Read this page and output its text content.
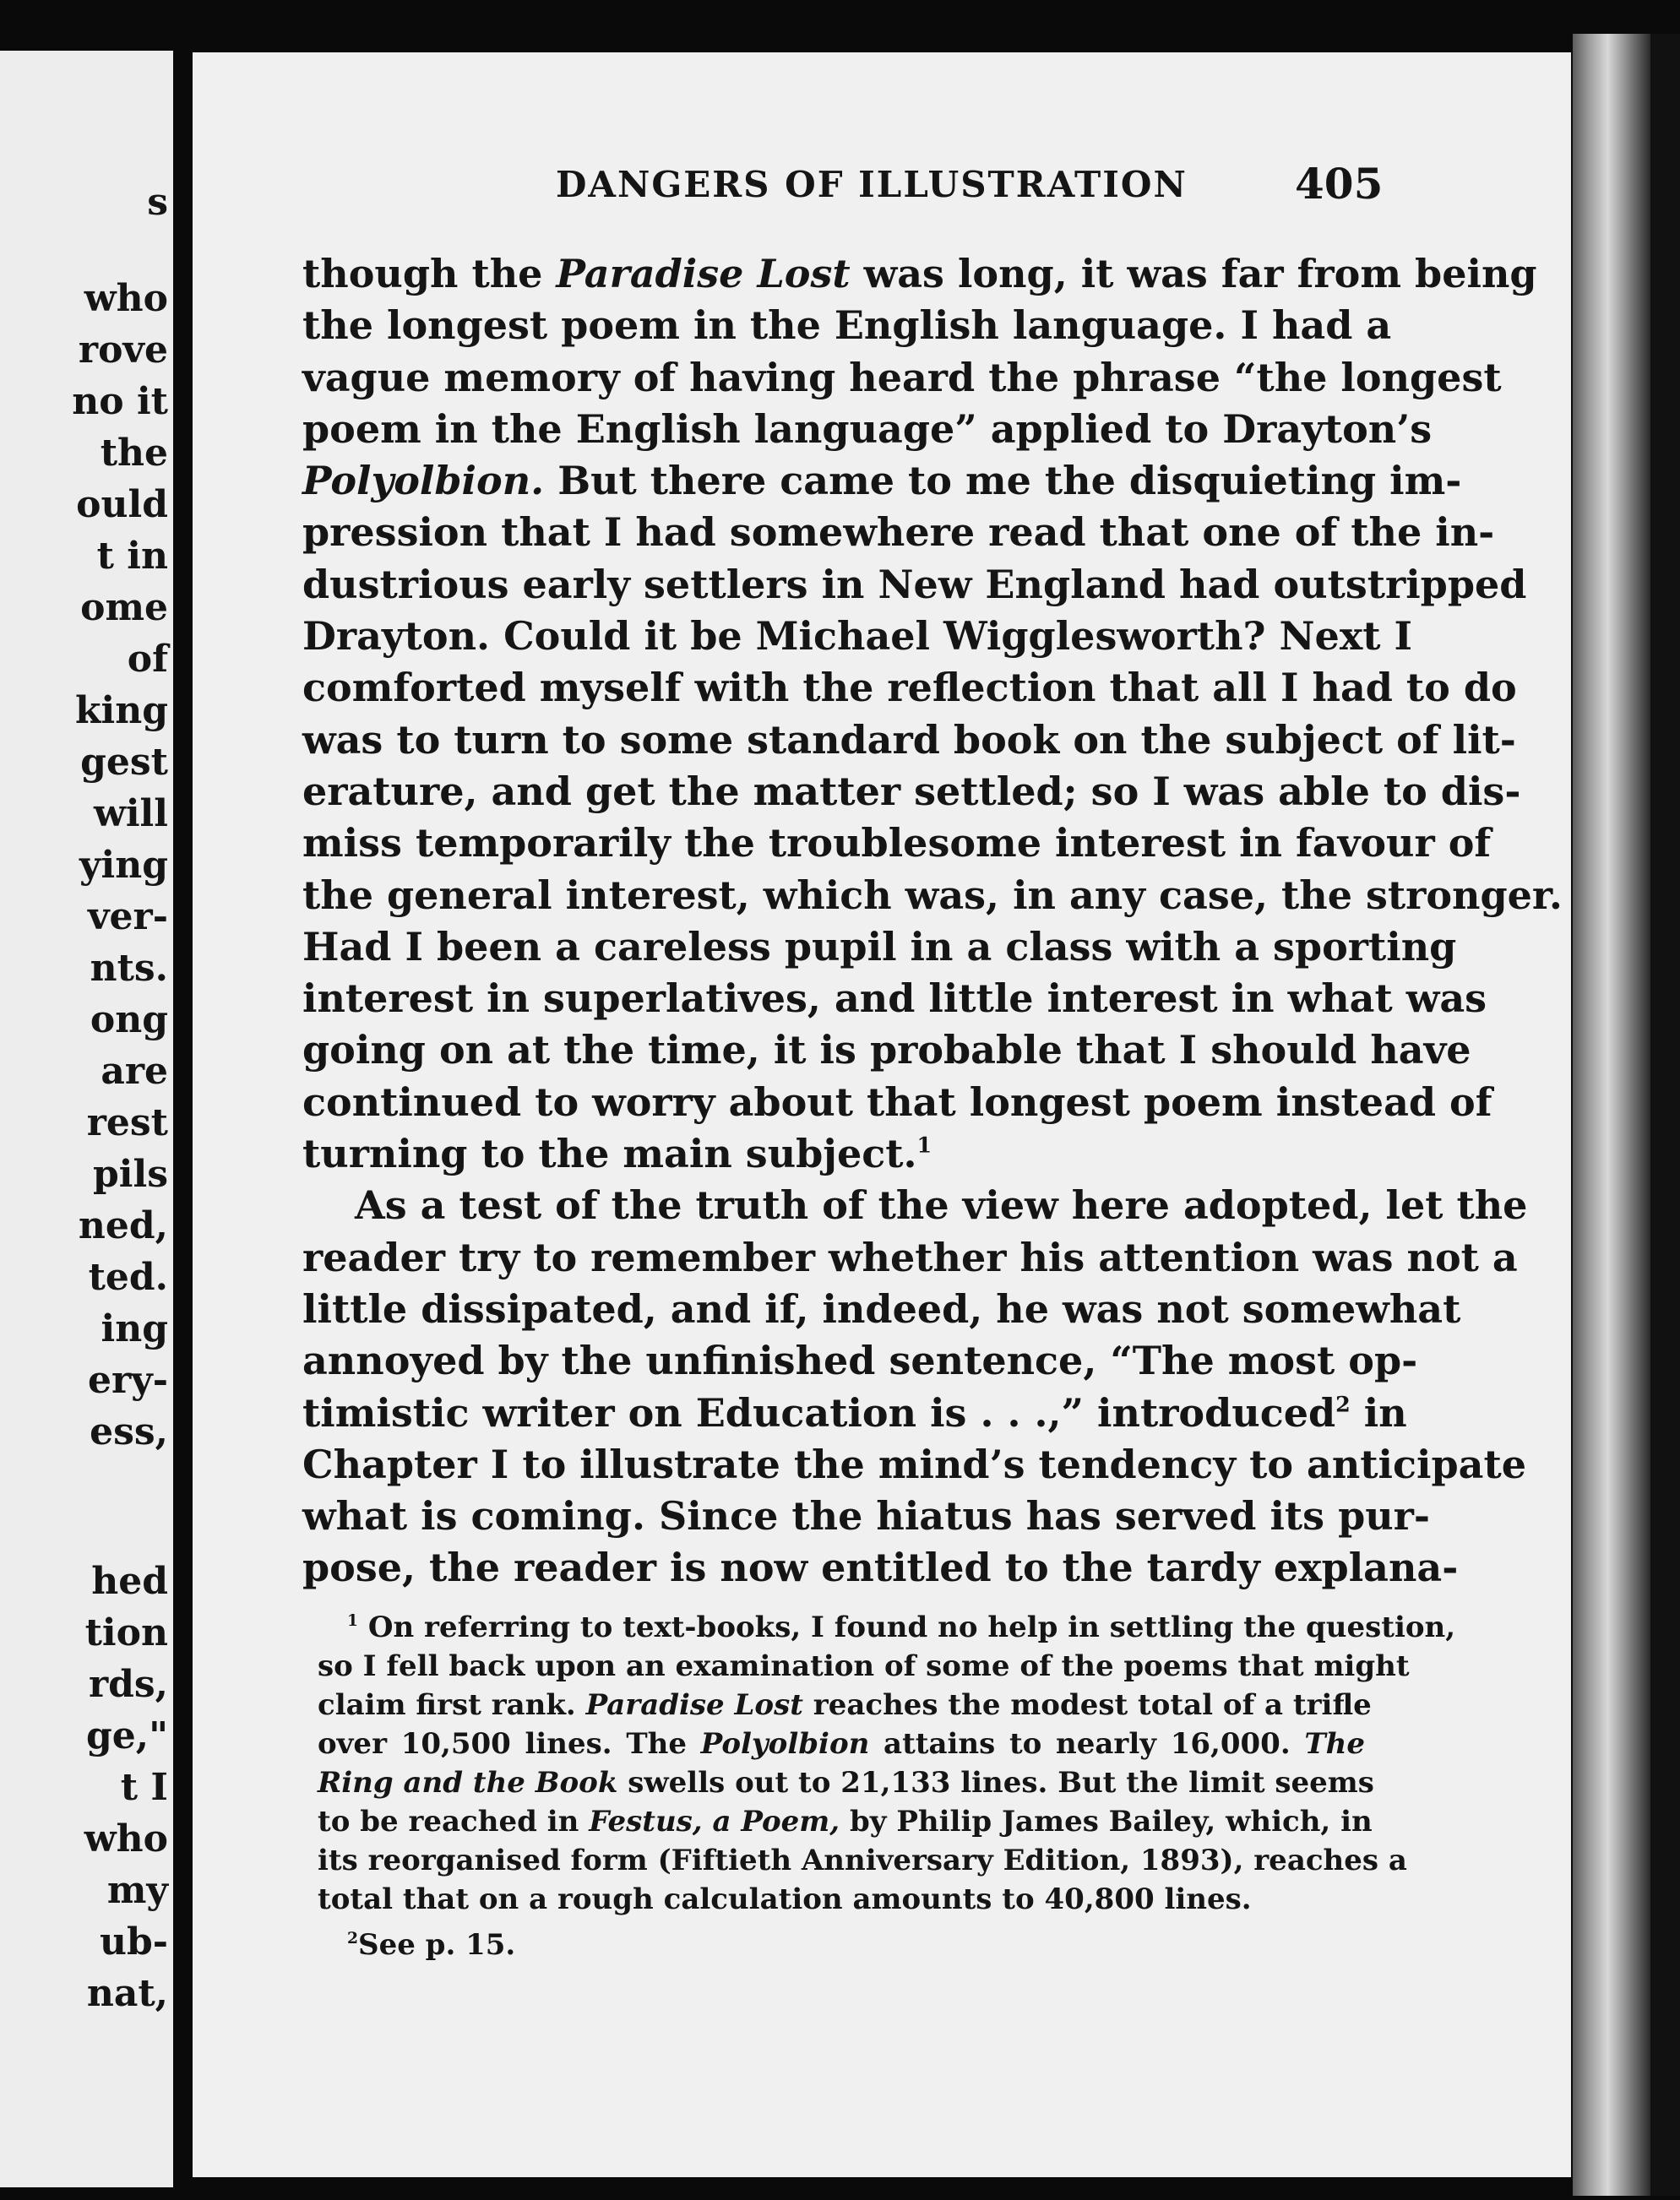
s
who
rove
no it
the
ould
t in
ome
of
king
gest
will
ying
ver-
nts.
ong
are
rest
pils
ned,
ted.
ing
ery-
ess,
hed
tion
rds,
ge,"
t I
who
my
ub-
nat,
DANGERS OF ILLUSTRATION	405
though the Paradise Lost was long, it was far from being
the longest poem in the English language. I had a
vague memory of having heard the phrase “the longest
poem in the English language” applied to Drayton’s
Polyolbion. But there came to me the disquieting im-
pression that I had somewhere read that one of the in-
dustrious early settlers in New England had outstripped
Drayton. Could it be Michael Wigglesworth? Next I
comforted myself with the reflection that all I had to do
was to turn to some standard book on the subject of lit-
erature, and get the matter settled; so I was able to dis-
miss temporarily the troublesome interest in favour of
the general interest, which was, in any case, the stronger.
Had I been a careless pupil in a class with a sporting
interest in superlatives, and little interest in what was
going on at the time, it is probable that I should have
continued to worry about that longest poem instead of
turning to the main subject.$^1$
As a test of the truth of the view here adopted, let the
reader try to remember whether his attention was not a
little dissipated, and if, indeed, he was not somewhat
annoyed by the unfinished sentence, “The most op-
timistic writer on Education is . . .,” introduced$^2$ in
Chapter I to illustrate the mind’s tendency to anticipate
what is coming. Since the hiatus has served its pur-
pose, the reader is now entitled to the tardy explana-
$^1$ On referring to text-books, I found no help in settling the question,
so I fell back upon an examination of some of the poems that might
claim first rank. Paradise Lost reaches the modest total of a trifle
over 10,500 lines. The Polyolbion attains to nearly 16,000. The
Ring and the Book swells out to 21,133 lines. But the limit seems
to be reached in Festus, a Poem, by Philip James Bailey, which, in
its reorganised form (Fiftieth Anniversary Edition, 1893), reaches a
total that on a rough calculation amounts to 40,800 lines.
$^2$See p. 15.
